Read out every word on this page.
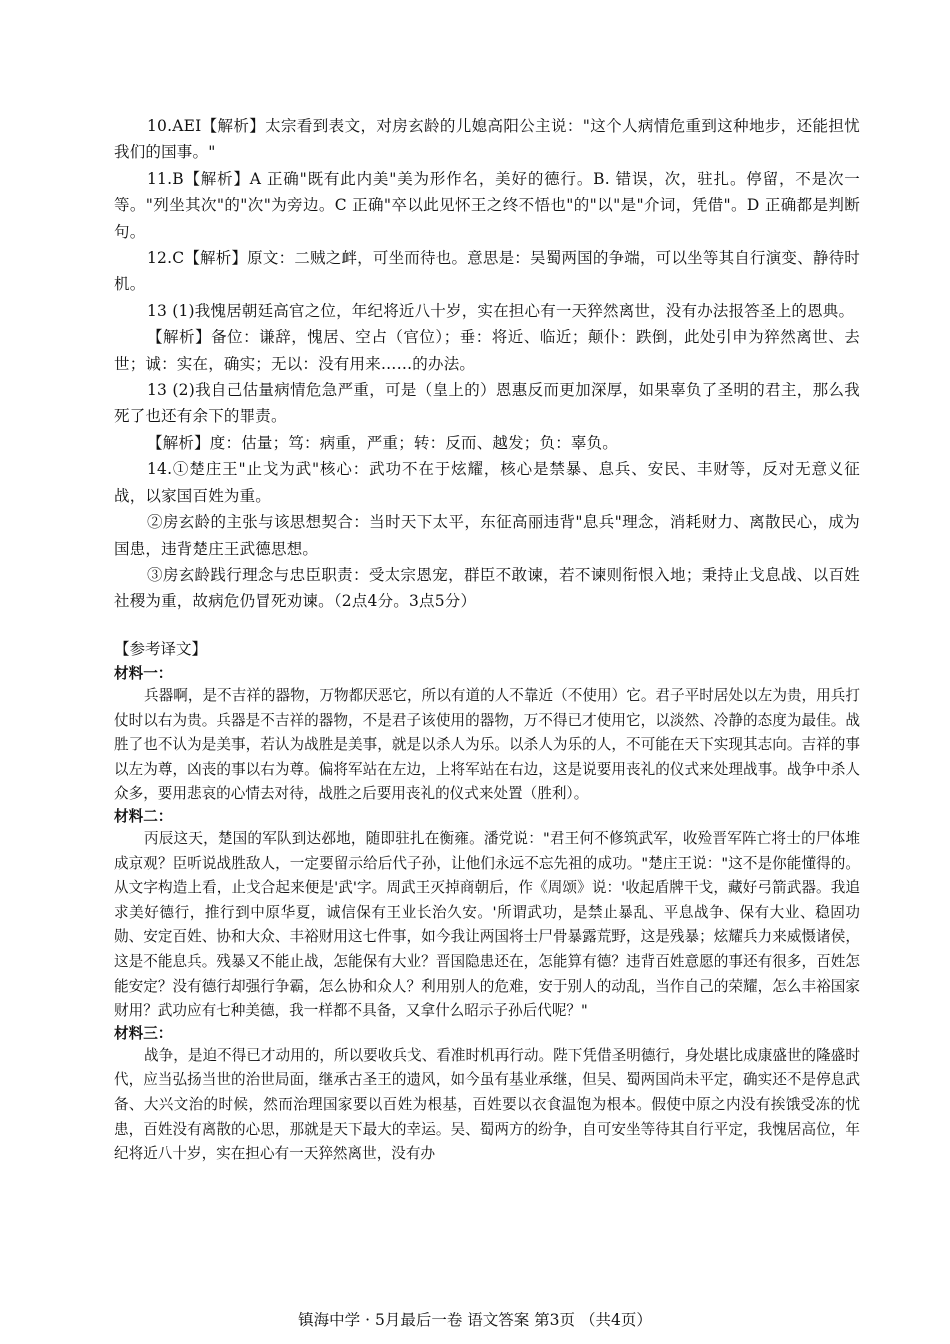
10.AEI【解析】太宗看到表文，对房玄龄的儿媳高阳公主说："这个人病情危重到这种地步，还能担忧我们的国事。"

11.B【解析】A 正确"既有此内美"美为形作名，美好的德行。B. 错误，次，驻扎。停留，不是次一等。"列坐其次"的"次"为旁边。C 正确"卒以此见怀王之终不悟也"的"以"是"介词，凭借"。D 正确都是判断句。

12.C【解析】原文：二贼之衅，可坐而待也。意思是：吴蜀两国的争端，可以坐等其自行演变、静待时机。

13 (1)我愧居朝廷高官之位，年纪将近八十岁，实在担心有一天猝然离世，没有办法报答圣上的恩典。

【解析】备位：谦辞，愧居、空占（官位）；垂：将近、临近；颠仆：跌倒，此处引申为猝然离世、去世；诚：实在，确实；无以：没有用来……的办法。

13 (2)我自己估量病情危急严重，可是（皇上的）恩惠反而更加深厚，如果辜负了圣明的君主，那么我死了也还有余下的罪责。

【解析】度：估量；笃：病重，严重；转：反而、越发；负：辜负。

14.①楚庄王"止戈为武"核心：武功不在于炫耀，核心是禁暴、息兵、安民、丰财等，反对无意义征战，以家国百姓为重。

②房玄龄的主张与该思想契合：当时天下太平，东征高丽违背"息兵"理念，消耗财力、离散民心，成为国患，违背楚庄王武德思想。

③房玄龄践行理念与忠臣职责：受太宗恩宠，群臣不敢谏，若不谏则衔恨入地；秉持止戈息战、以百姓社稷为重，故病危仍冒死劝谏。（2点4分。3点5分）

【参考译文】

材料一：

兵器啊，是不吉祥的器物，万物都厌恶它，所以有道的人不靠近（不使用）它。君子平时居处以左为贵，用兵打仗时以右为贵。兵器是不吉祥的器物，不是君子该使用的器物，万不得已才使用它，以淡然、冷静的态度为最佳。战胜了也不认为是美事，若认为战胜是美事，就是以杀人为乐。以杀人为乐的人，不可能在天下实现其志向。吉祥的事以左为尊，凶丧的事以右为尊。偏将军站在左边，上将军站在右边，这是说要用丧礼的仪式来处理战事。战争中杀人众多，要用悲哀的心情去对待，战胜之后要用丧礼的仪式来处置（胜利）。

材料二：

丙辰这天，楚国的军队到达邲地，随即驻扎在衡雍。潘党说："君王何不修筑武军，收殓晋军阵亡将士的尸体堆成京观？臣听说战胜敌人，一定要留示给后代子孙，让他们永远不忘先祖的成功。"楚庄王说："这不是你能懂得的。从文字构造上看，止戈合起来便是'武'字。周武王灭掉商朝后，作《周颂》说：'收起盾牌干戈，藏好弓箭武器。我追求美好德行，推行到中原华夏，诚信保有王业长治久安。'所谓武功，是禁止暴乱、平息战争、保有大业、稳固功勋、安定百姓、协和大众、丰裕财用这七件事，如今我让两国将士尸骨暴露荒野，这是残暴；炫耀兵力来威慑诸侯，这是不能息兵。残暴又不能止战，怎能保有大业？晋国隐患还在，怎能算有德？违背百姓意愿的事还有很多，百姓怎能安定？没有德行却强行争霸，怎么协和众人？利用别人的危难，安于别人的动乱，当作自己的荣耀，怎么丰裕国家财用？武功应有七种美德，我一样都不具备，又拿什么昭示子孙后代呢？"

材料三：

战争，是迫不得已才动用的，所以要收兵戈、看准时机再行动。陛下凭借圣明德行，身处堪比成康盛世的隆盛时代，应当弘扬当世的治世局面，继承古圣王的遗风，如今虽有基业承继，但吴、蜀两国尚未平定，确实还不是停息武备、大兴文治的时候，然而治理国家要以百姓为根基，百姓要以衣食温饱为根本。假使中原之内没有挨饿受冻的忧患，百姓没有离散的心思，那就是天下最大的幸运。吴、蜀两方的纷争，自可安坐等待其自行平定，我愧居高位，年纪将近八十岁，实在担心有一天猝然离世，没有办

镇海中学 · 5月最后一卷 语文答案 第3页 （共4页）
